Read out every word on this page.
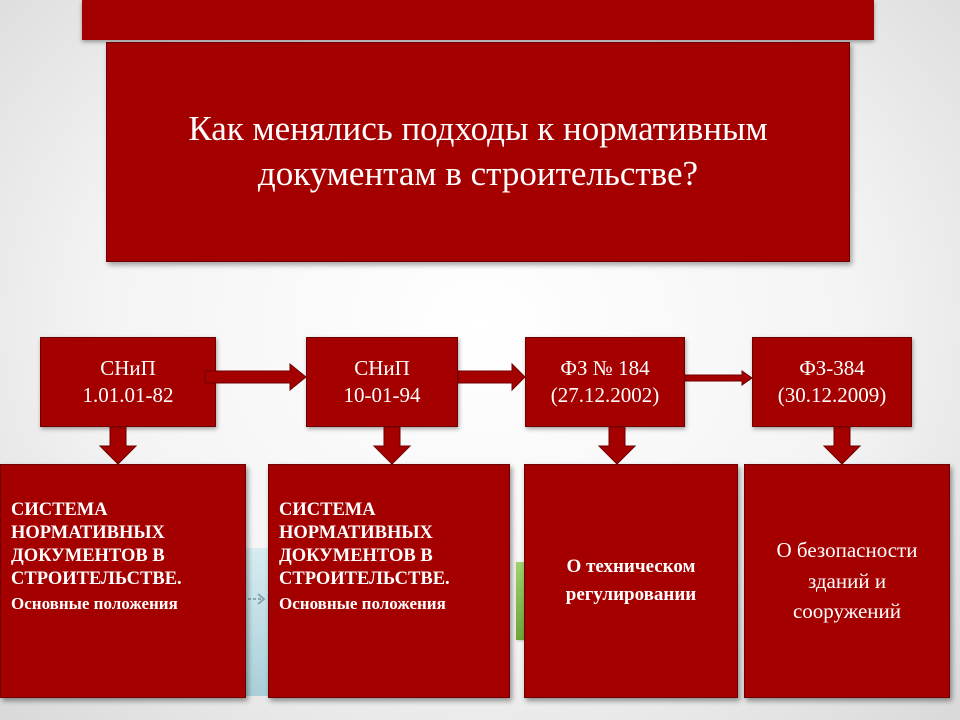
Как менялись подходы к нормативным документам в строительстве?
СНиП
1.01.01-82
СНиП
10-01-94
ФЗ № 184
(27.12.2002)
ФЗ-384
(30.12.2009)
СИСТЕМА НОРМАТИВНЫХ ДОКУМЕНТОВ В СТРОИТЕЛЬСТВЕ.
Основные положения
СИСТЕМА НОРМАТИВНЫХ ДОКУМЕНТОВ В СТРОИТЕЛЬСТВЕ.
Основные положения
О техническом регулировании
О безопасности зданий и сооружений
